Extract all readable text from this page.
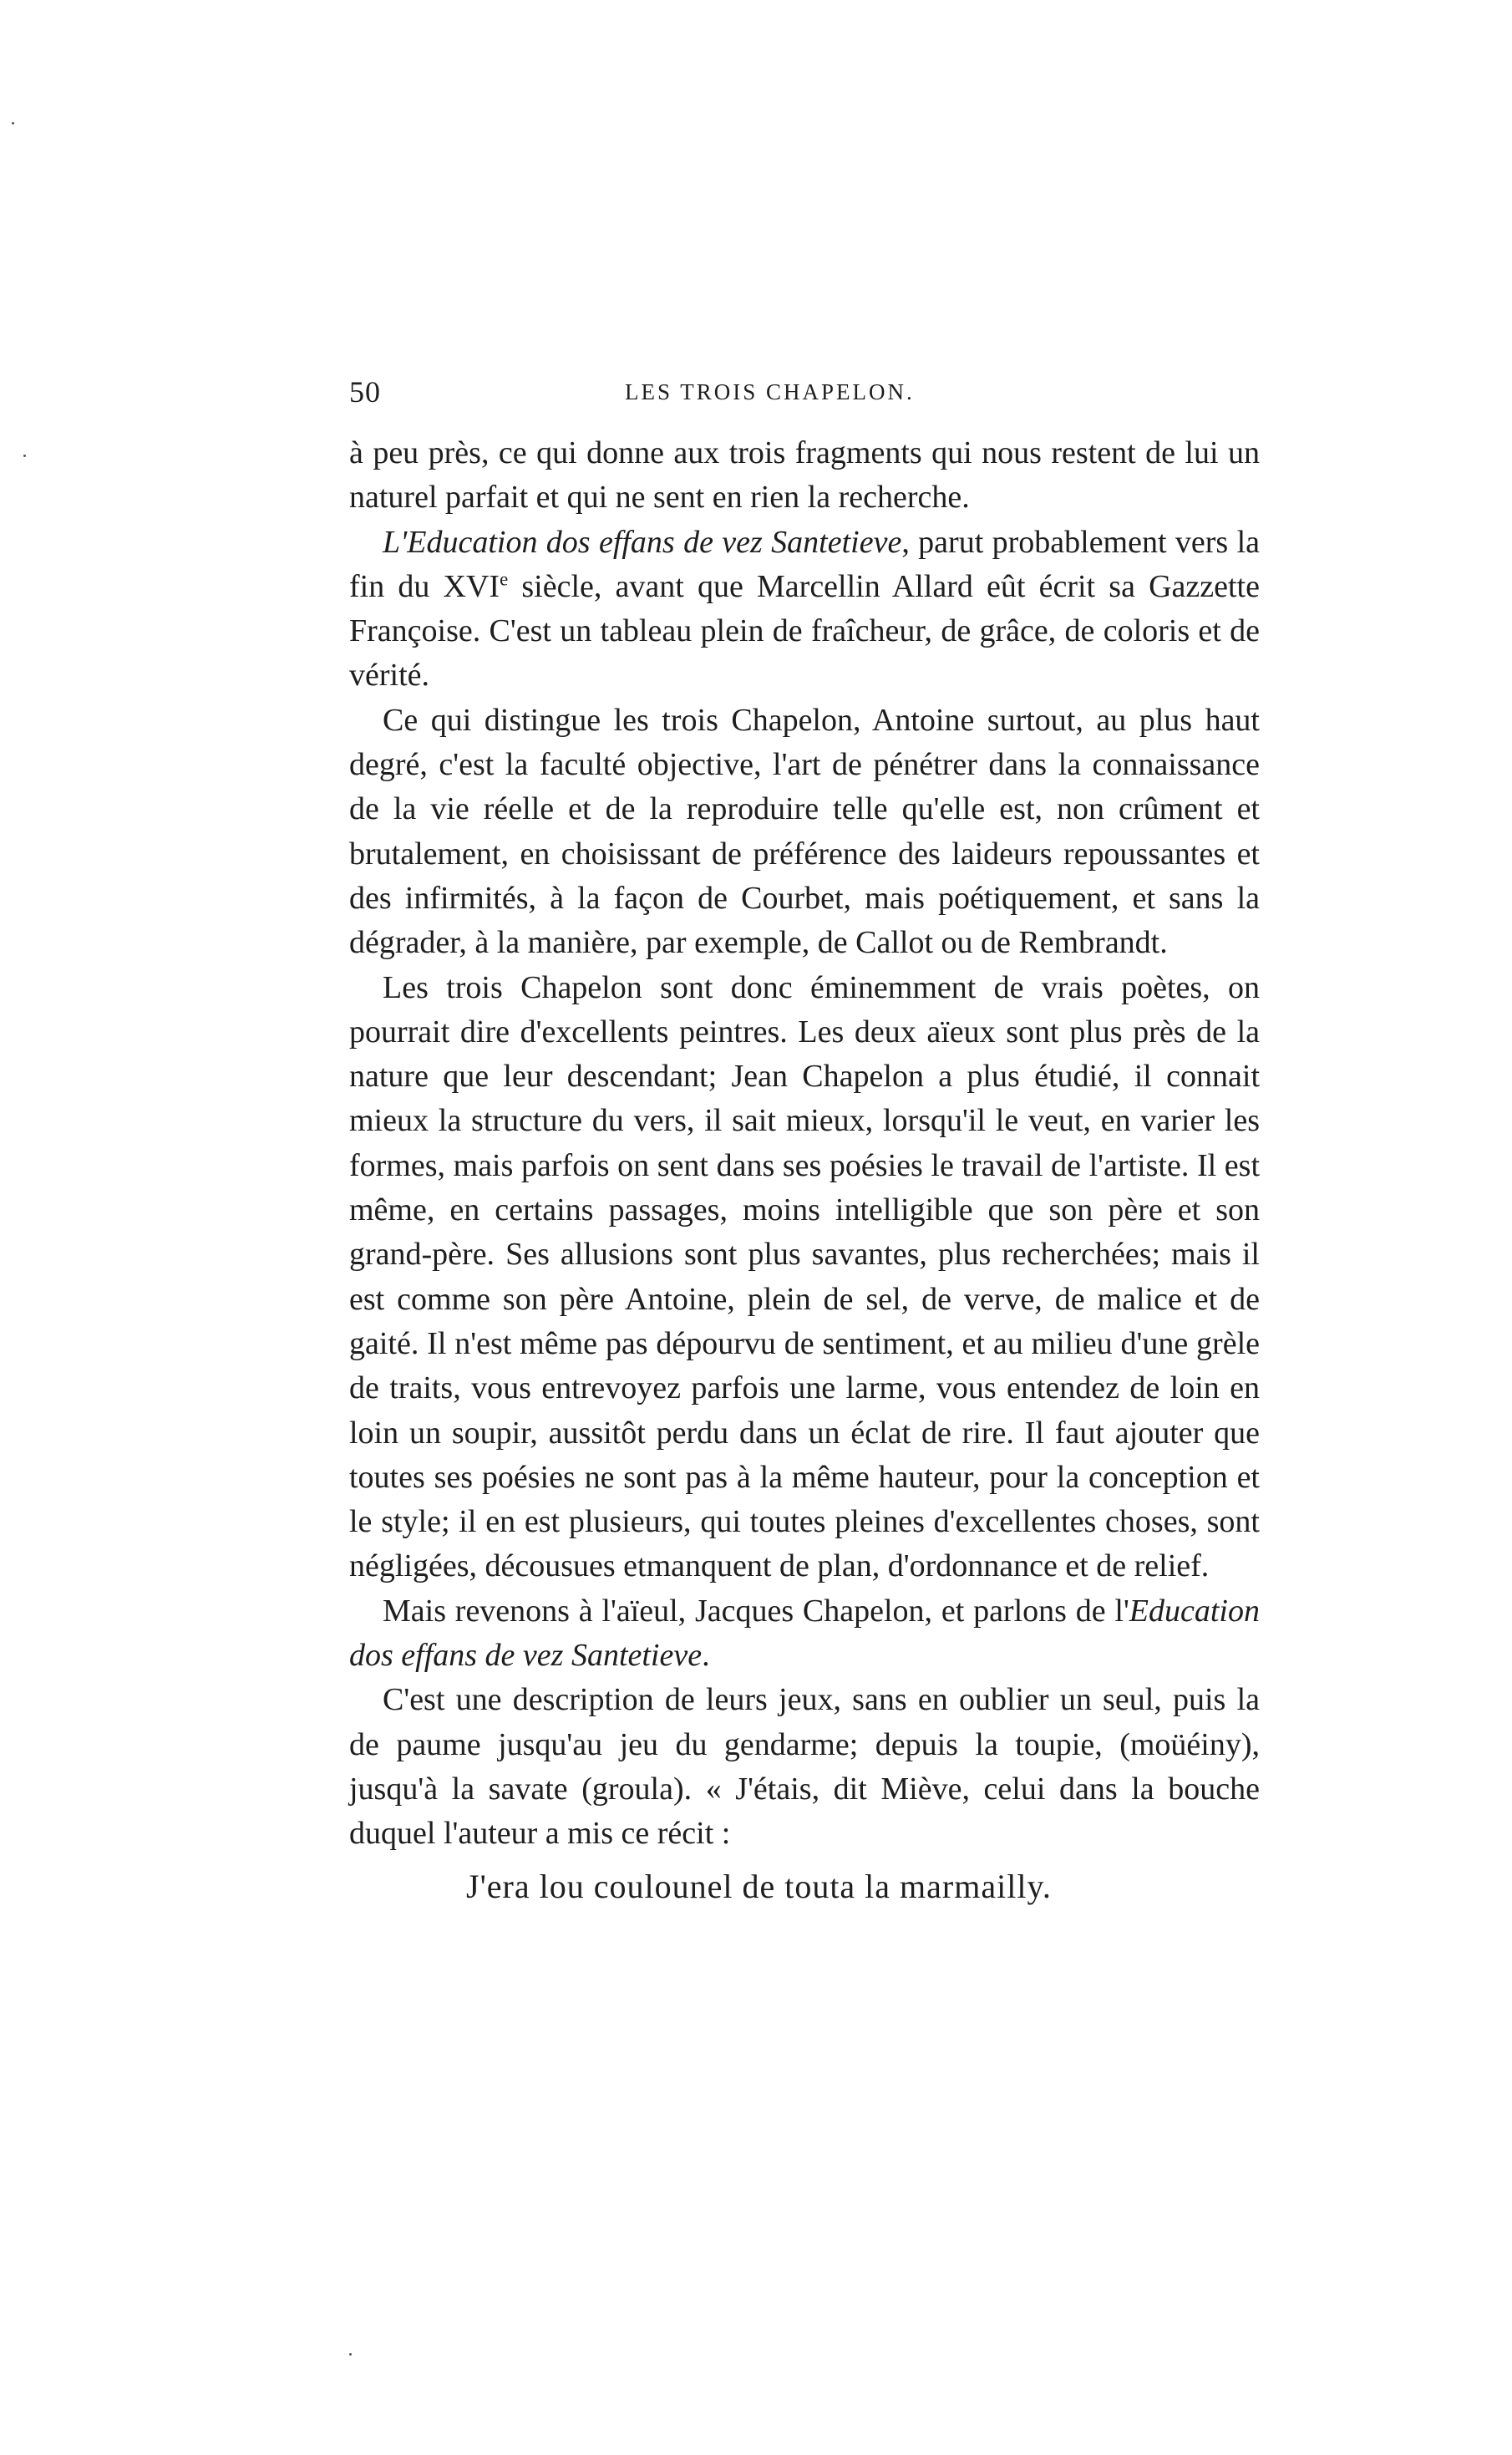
50	LES TROIS CHAPELON.

à peu près, ce qui donne aux trois fragments qui nous restent de lui un naturel parfait et qui ne sent en rien la recherche.

L'Education dos effans de vez Santetieve, parut probablement vers la fin du XVIe siècle, avant que Marcellin Allard eût écrit sa Gazzette Françoise. C'est un tableau plein de fraîcheur, de grâce, de coloris et de vérité.

Ce qui distingue les trois Chapelon, Antoine surtout, au plus haut degré, c'est la faculté objective, l'art de pénétrer dans la connaissance de la vie réelle et de la reproduire telle qu'elle est, non crûment et brutalement, en choisissant de préférence des laideurs repoussantes et des infirmités, à la façon de Courbet, mais poétiquement, et sans la dégrader, à la manière, par exemple, de Callot ou de Rembrandt.

Les trois Chapelon sont donc éminemment de vrais poètes, on pourrait dire d'excellents peintres. Les deux aïeux sont plus près de la nature que leur descendant; Jean Chapelon a plus étudié, il connait mieux la structure du vers, il sait mieux, lorsqu'il le veut, en varier les formes, mais parfois on sent dans ses poésies le travail de l'artiste. Il est même, en certains passages, moins intelligible que son père et son grand-père. Ses allusions sont plus savantes, plus recherchées; mais il est comme son père Antoine, plein de sel, de verve, de malice et de gaité. Il n'est même pas dépourvu de sentiment, et au milieu d'une grèle de traits, vous entrevoyez parfois une larme, vous entendez de loin en loin un soupir, aussitôt perdu dans un éclat de rire. Il faut ajouter que toutes ses poésies ne sont pas à la même hauteur, pour la conception et le style; il en est plusieurs, qui toutes pleines d'excellentes choses, sont négligées, décousues etmanquent de plan, d'ordonnance et de relief.

Mais revenons à l'aïeul, Jacques Chapelon, et parlons de l'Education dos effans de vez Santetieve.

C'est une description de leurs jeux, sans en oublier un seul, puis la de paume jusqu'au jeu du gendarme; depuis la toupie, (moüéiny), jusqu'à la savate (groula). « J'étais, dit Miève, celui dans la bouche duquel l'auteur a mis ce récit :

J'era lou coulounel de touta la marmailly.
